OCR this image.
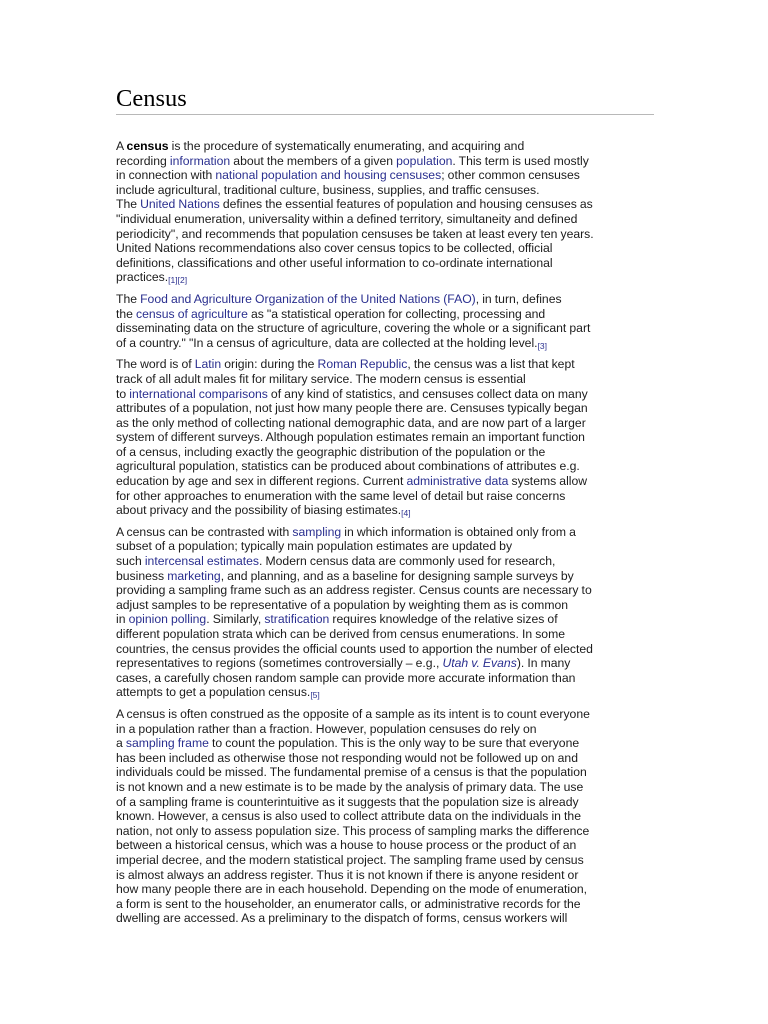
Census

A census is the procedure of systematically enumerating, and acquiring and
recording information about the members of a given population. This term is used mostly
in connection with national population and housing censuses; other common censuses
include agricultural, traditional culture, business, supplies, and traffic censuses.
The United Nations defines the essential features of population and housing censuses as
"individual enumeration, universality within a defined territory, simultaneity and defined
periodicity", and recommends that population censuses be taken at least every ten years.
United Nations recommendations also cover census topics to be collected, official
definitions, classifications and other useful information to co-ordinate international
practices.[1][2]

The Food and Agriculture Organization of the United Nations (FAO), in turn, defines
the census of agriculture as "a statistical operation for collecting, processing and
disseminating data on the structure of agriculture, covering the whole or a significant part
of a country." "In a census of agriculture, data are collected at the holding level.[3]

The word is of Latin origin: during the Roman Republic, the census was a list that kept
track of all adult males fit for military service. The modern census is essential
to international comparisons of any kind of statistics, and censuses collect data on many
attributes of a population, not just how many people there are. Censuses typically began
as the only method of collecting national demographic data, and are now part of a larger
system of different surveys. Although population estimates remain an important function
of a census, including exactly the geographic distribution of the population or the
agricultural population, statistics can be produced about combinations of attributes e.g.
education by age and sex in different regions. Current administrative data systems allow
for other approaches to enumeration with the same level of detail but raise concerns
about privacy and the possibility of biasing estimates.[4]

A census can be contrasted with sampling in which information is obtained only from a
subset of a population; typically main population estimates are updated by
such intercensal estimates. Modern census data are commonly used for research,
business marketing, and planning, and as a baseline for designing sample surveys by
providing a sampling frame such as an address register. Census counts are necessary to
adjust samples to be representative of a population by weighting them as is common
in opinion polling. Similarly, stratification requires knowledge of the relative sizes of
different population strata which can be derived from census enumerations. In some
countries, the census provides the official counts used to apportion the number of elected
representatives to regions (sometimes controversially – e.g., Utah v. Evans). In many
cases, a carefully chosen random sample can provide more accurate information than
attempts to get a population census.[5]

A census is often construed as the opposite of a sample as its intent is to count everyone
in a population rather than a fraction. However, population censuses do rely on
a sampling frame to count the population. This is the only way to be sure that everyone
has been included as otherwise those not responding would not be followed up on and
individuals could be missed. The fundamental premise of a census is that the population
is not known and a new estimate is to be made by the analysis of primary data. The use
of a sampling frame is counterintuitive as it suggests that the population size is already
known. However, a census is also used to collect attribute data on the individuals in the
nation, not only to assess population size. This process of sampling marks the difference
between a historical census, which was a house to house process or the product of an
imperial decree, and the modern statistical project. The sampling frame used by census
is almost always an address register. Thus it is not known if there is anyone resident or
how many people there are in each household. Depending on the mode of enumeration,
a form is sent to the householder, an enumerator calls, or administrative records for the
dwelling are accessed. As a preliminary to the dispatch of forms, census workers will
